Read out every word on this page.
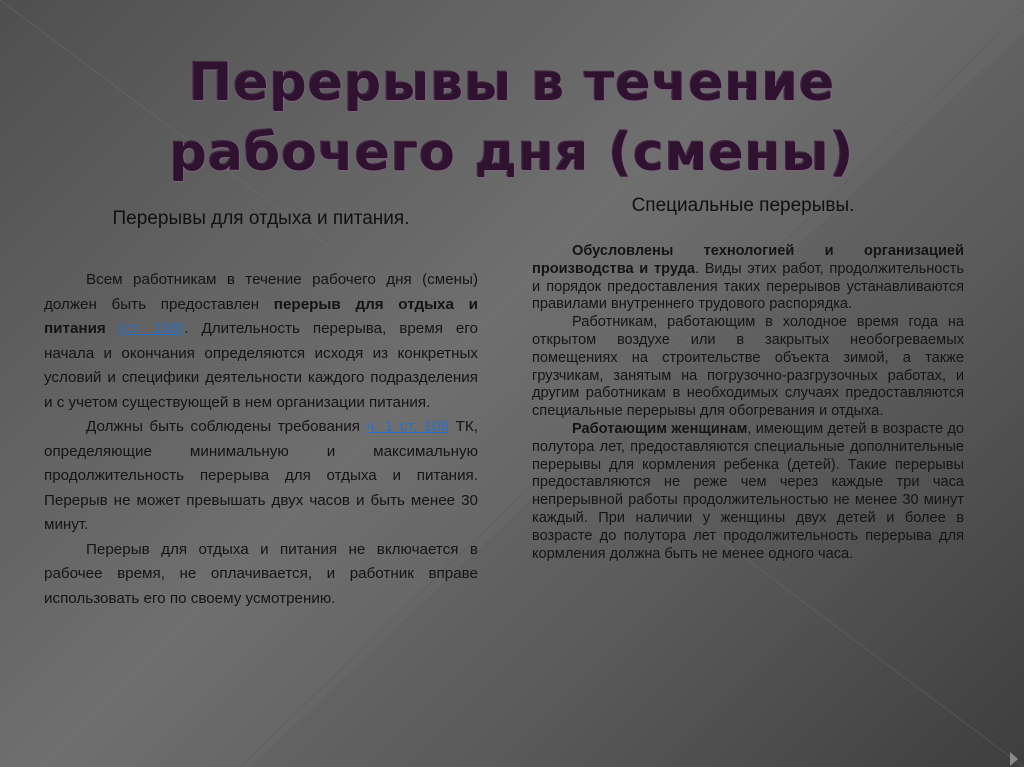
Перерывы в течение рабочего дня (смены)

Перерывы для отдыха и питания.

Всем работникам в течение рабочего дня (смены) должен быть предоставлен перерыв для отдыха и питания (ст. 108). Длительность перерыва, время его начала и окончания определяются исходя из конкретных условий и специфики деятельности каждого подразделения и с учетом существующей в нем организации питания.

Должны быть соблюдены требования ч. 1 ст. 108 ТК, определяющие минимальную и максимальную продолжительность перерыва для отдыха и питания. Перерыв не может превышать двух часов и быть менее 30 минут.

Перерыв для отдыха и питания не включается в рабочее время, не оплачивается, и работник вправе использовать его по своему усмотрению.

Специальные перерывы.

Обусловлены технологией и организацией производства и труда. Виды этих работ, продолжительность и порядок предоставления таких перерывов устанавливаются правилами внутреннего трудового распорядка.

Работникам, работающим в холодное время года на открытом воздухе или в закрытых необогреваемых помещениях на строительстве объекта зимой, а также грузчикам, занятым на погрузочно-разгрузочных работах, и другим работникам в необходимых случаях предоставляются специальные перерывы для обогревания и отдыха.

Работающим женщинам, имеющим детей в возрасте до полутора лет, предоставляются специальные дополнительные перерывы для кормления ребенка (детей). Такие перерывы предоставляются не реже чем через каждые три часа непрерывной работы продолжительностью не менее 30 минут каждый. При наличии у женщины двух детей и более в возрасте до полутора лет продолжительность перерыва для кормления должна быть не менее одного часа.
